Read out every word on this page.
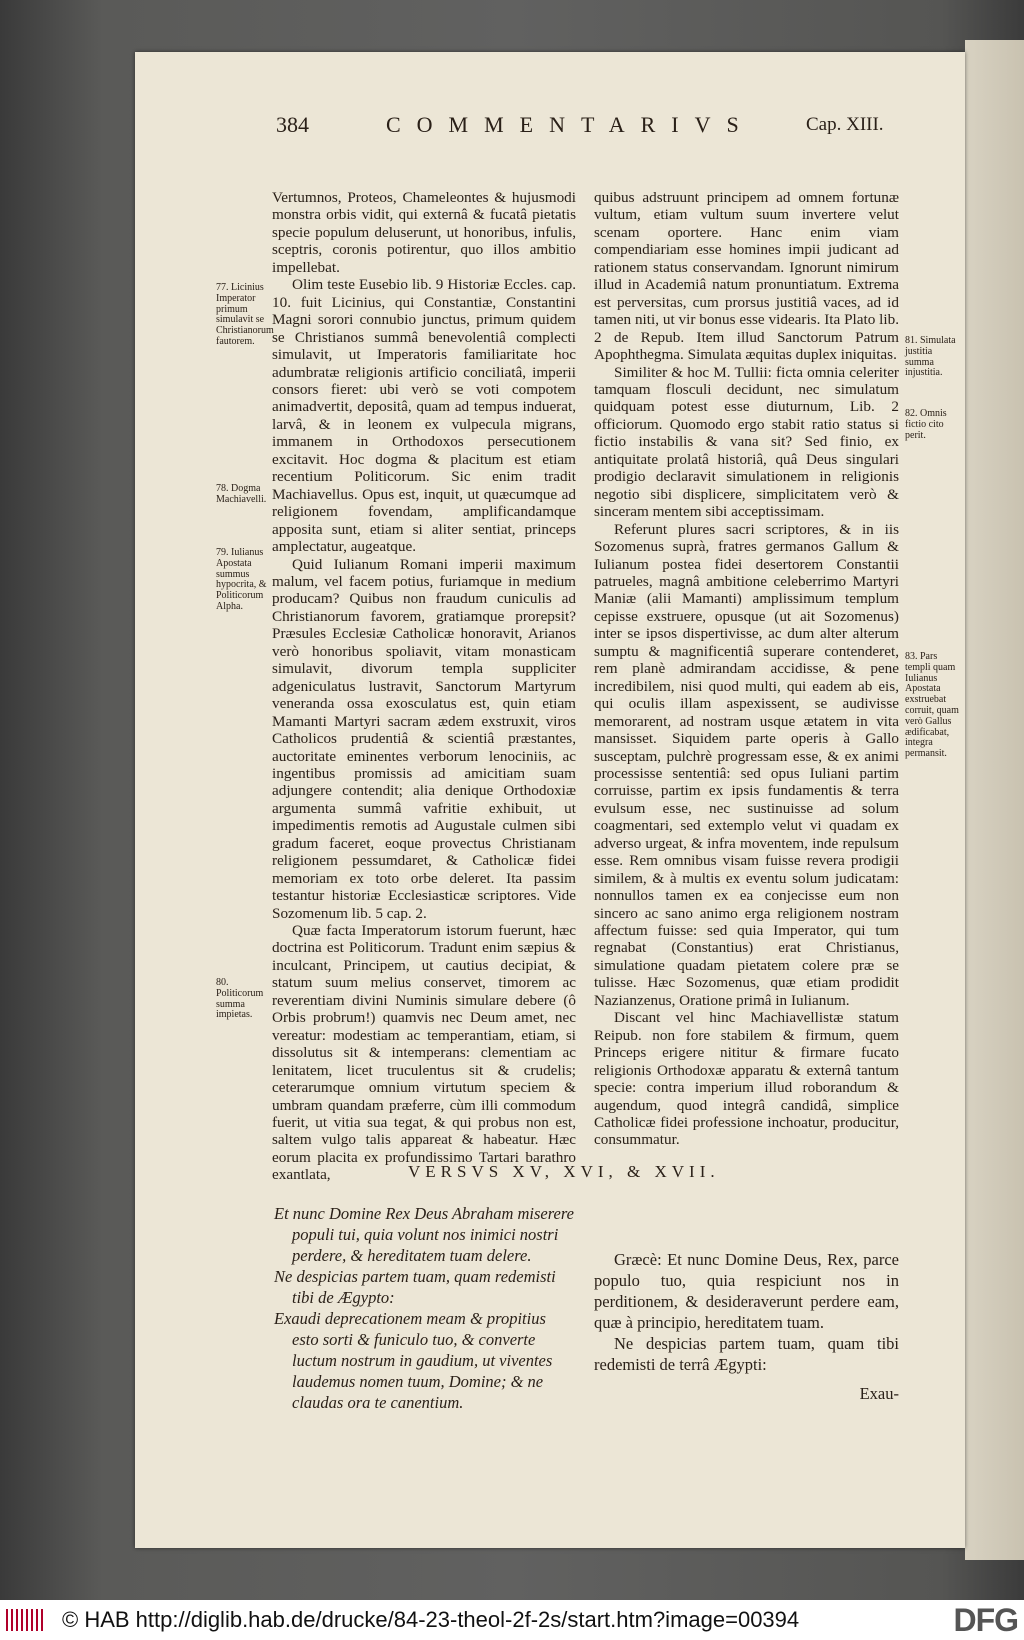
384	COMMENTARIVS	Cap. XIII.

Vertumnos, Proteos, Chameleontes & hujusmodi monstra orbis vidit, qui externâ & fucatâ pietatis specie populum deluserunt, ut honoribus, infulis, sceptris, coronis potirentur, quo illos ambitio impellebat.

Olim teste Eusebio lib. 9 Historiæ Eccles. cap. 10. fuit Licinius, qui Constantiæ, Constantini Magni sorori connubio junctus, primum quidem se Christianos summâ benevolentiâ complecti simulavit, ut Imperatoris familiaritate hoc adumbratæ religionis artificio conciliatâ, imperii consors fieret: ubi verò se voti compotem animadvertit, depositâ, quam ad tempus induerat, larvâ, & in leonem ex vulpecula migrans, immanem in Orthodoxos persecutionem excitavit. Hoc dogma & placitum est etiam recentium Politicorum. Sic enim tradit Machiavellus. Opus est, inquit, ut quæcumque ad religionem fovendam, amplificandamque apposita sunt, etiam si aliter sentiat, princeps amplectatur, augeatque.

Quid Iulianum Romani imperii maximum malum, vel facem potius, furiamque in medium producam? Quibus non fraudum cuniculis ad Christianorum favorem, gratiamque prorepsit? Præsules Ecclesiæ Catholicæ honoravit, Arianos verò honoribus spoliavit, vitam monasticam simulavit, divorum templa suppliciter adgeniculatus lustravit, Sanctorum Martyrum veneranda ossa exosculatus est, quin etiam Mamanti Martyri sacram ædem exstruxit, viros Catholicos prudentiâ & scientiâ præstantes, auctoritate eminentes verborum lenociniis, ac ingentibus promissis ad amicitiam suam adjungere contendit; alia denique Orthodoxiæ argumenta summâ vafritie exhibuit, ut impedimentis remotis ad Augustale culmen sibi gradum faceret, eoque provectus Christianam religionem pessumdaret, & Catholicæ fidei memoriam ex toto orbe deleret. Ita passim testantur historiæ Ecclesiasticæ scriptores. Vide Sozomenum lib. 5 cap. 2.

Quæ facta Imperatorum istorum fuerunt, hæc doctrina est Politicorum. Tradunt enim sæpius & inculcant, Principem, ut cautius decipiat, & statum suum melius conservet, timorem ac reverentiam divini Numinis simulare debere (ô Orbis probrum!) quamvis nec Deum amet, nec vereatur: modestiam ac temperantiam, etiam, si dissolutus sit & intemperans: clementiam ac lenitatem, licet truculentus sit & crudelis; ceterarumque omnium virtutum speciem & umbram quandam præferre, cùm illi commodum fuerit, ut vitia sua tegat, & qui probus non est, saltem vulgo talis appareat & habeatur. Hæc eorum placita ex profundissimo Tartari barathro exantlata,

quibus adstruunt principem ad omnem fortunæ vultum, etiam vultum suum invertere velut scenam oportere. Hanc enim viam compendiariam esse homines impii judicant ad rationem status conservandam. Ignorunt nimirum illud in Academiâ natum pronuntiatum. Extrema est perversitas, cum prorsus justitiâ vaces, ad id tamen niti, ut vir bonus esse videaris. Ita Plato lib. 2 de Repub. Item illud Sanctorum Patrum Apophthegma. Simulata æquitas duplex iniquitas.

Similiter & hoc M. Tullii: ficta omnia celeriter tamquam flosculi decidunt, nec simulatum quidquam potest esse diuturnum, Lib. 2 officiorum. Quomodo ergo stabit ratio status si fictio instabilis & vana sit? Sed finio, ex antiquitate prolatâ historiâ, quâ Deus singulari prodigio declaravit simulationem in religionis negotio sibi displicere, simplicitatem verò & sinceram mentem sibi acceptissimam.

Referunt plures sacri scriptores, & in iis Sozomenus suprà, fratres germanos Gallum & Iulianum postea fidei desertorem Constantii patrueles, magnâ ambitione celeberrimo Martyri Maniæ (alii Mamanti) amplissimum templum cepisse exstruere, opusque (ut ait Sozomenus) inter se ipsos dispertivisse, ac dum alter alterum sumptu & magnificentiâ superare contenderet, rem planè admirandam accidisse, & pene incredibilem, nisi quod multi, qui eadem ab eis, qui oculis illam aspexissent, se audivisse memorarent, ad nostram usque ætatem in vita mansisset. Siquidem parte operis à Gallo susceptam, pulchrè progressam esse, & ex animi processisse sententiâ: sed opus Iuliani partim corruisse, partim ex ipsis fundamentis & terra evulsum esse, nec sustinuisse ad solum coagmentari, sed extemplo velut vi quadam ex adverso urgeat, & infra moventem, inde repulsum esse. Rem omnibus visam fuisse revera prodigii similem, & à multis ex eventu solum judicatam: nonnullos tamen ex ea conjecisse eum non sincero ac sano animo erga religionem nostram affectum fuisse: sed quia Imperator, qui tum regnabat (Constantius) erat Christianus, simulatione quadam pietatem colere præ se tulisse. Hæc Sozomenus, quæ etiam prodidit Nazianzenus, Oratione primâ in Iulianum.

Discant vel hinc Machiavellistæ statum Reipub. non fore stabilem & firmum, quem Princeps erigere nititur & firmare fucato religionis Orthodoxæ apparatu & externâ tantum specie: contra imperium illud roborandum & augendum, quod integrâ candidâ, simplice Catholicæ fidei professione inchoatur, producitur, consummatur.

77. Licinius Imperator primum simulavit se Christianorum fautorem.
78. Dogma Machiavelli.
79. Iulianus Apostata summus hypocrita, & Politicorum Alpha.
80. Politicorum summa impietas.
81. Simulata justitia summa injustitia.
82. Omnis fictio cito perit.
83. Pars templi quam Iulianus Apostata exstruebat corruit, quam verò Gallus ædificabat, integra permansit.
VERSVS XV, XVI, & XVII.

Et nunc Domine Rex Deus Abraham miserere populi tui, quia volunt nos inimici nostri perdere, & hereditatem tuam delere.

Ne despicias partem tuam, quam redemisti tibi de Ægypto:

Exaudi deprecationem meam & propitius esto sorti & funiculo tuo, & converte luctum nostrum in gaudium, ut viventes laudemus nomen tuum, Domine; & ne claudas ora te canentium.

Græcè: Et nunc Domine Deus, Rex, parce populo tuo, quia respiciunt nos in perditionem, & desideraverunt perdere eam, quæ à principio, hereditatem tuam.

Ne despicias partem tuam, quam tibi redemisti de terrâ Ægypti:

Exau-

© HAB http://diglib.hab.de/drucke/84-23-theol-2f-2s/start.htm?image=00394	DFG
